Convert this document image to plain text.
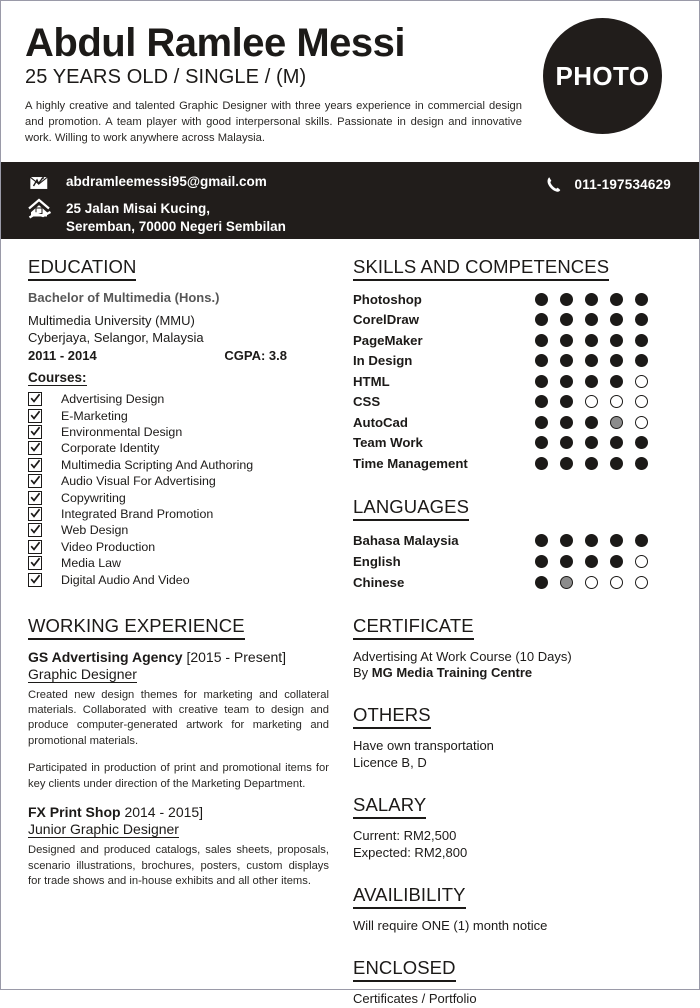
Abdul Ramlee Messi
25 YEARS OLD / SINGLE / (M)
A highly creative and talented Graphic Designer with three years experience in commercial design and promotion. A team player with good interpersonal skills. Passionate in design and innovative work. Willing to work anywhere across Malaysia.
PHOTO
abdramleemessi95@gmail.com
25 Jalan Misai Kucing,
Seremban, 70000 Negeri Sembilan
011-197534629
EDUCATION
Bachelor of Multimedia (Hons.)
Multimedia University (MMU)
Cyberjaya, Selangor, Malaysia
2011 - 2014	CGPA: 3.8
Courses:
Advertising Design
E-Marketing
Environmental Design
Corporate Identity
Multimedia Scripting And Authoring
Audio Visual For Advertising
Copywriting
Integrated Brand Promotion
Web Design
Video Production
Media Law
Digital Audio And Video
WORKING EXPERIENCE
GS Advertising Agency [2015 - Present]
Graphic Designer
Created new design themes for marketing and collateral materials. Collaborated with creative team to design and produce computer-generated artwork for marketing and promotional materials.
Participated in production of print and promotional items for key clients under direction of the Marketing Department.
FX Print Shop 2014 - 2015]
Junior Graphic Designer
Designed and produced catalogs, sales sheets, proposals, scenario illustrations, brochures, posters, custom displays for trade shows and in-house exhibits and all other items.
SKILLS AND COMPETENCES
Photoshop
CorelDraw
PageMaker
In Design
HTML
CSS
AutoCad
Team Work
Time Management
LANGUAGES
Bahasa Malaysia
English
Chinese
CERTIFICATE
Advertising At Work Course (10 Days)
By MG Media Training Centre
OTHERS
Have own transportation
Licence B, D
SALARY
Current: RM2,500
Expected: RM2,800
AVAILIBILITY
Will require ONE (1) month notice
ENCLOSED
Certificates / Portfolio
